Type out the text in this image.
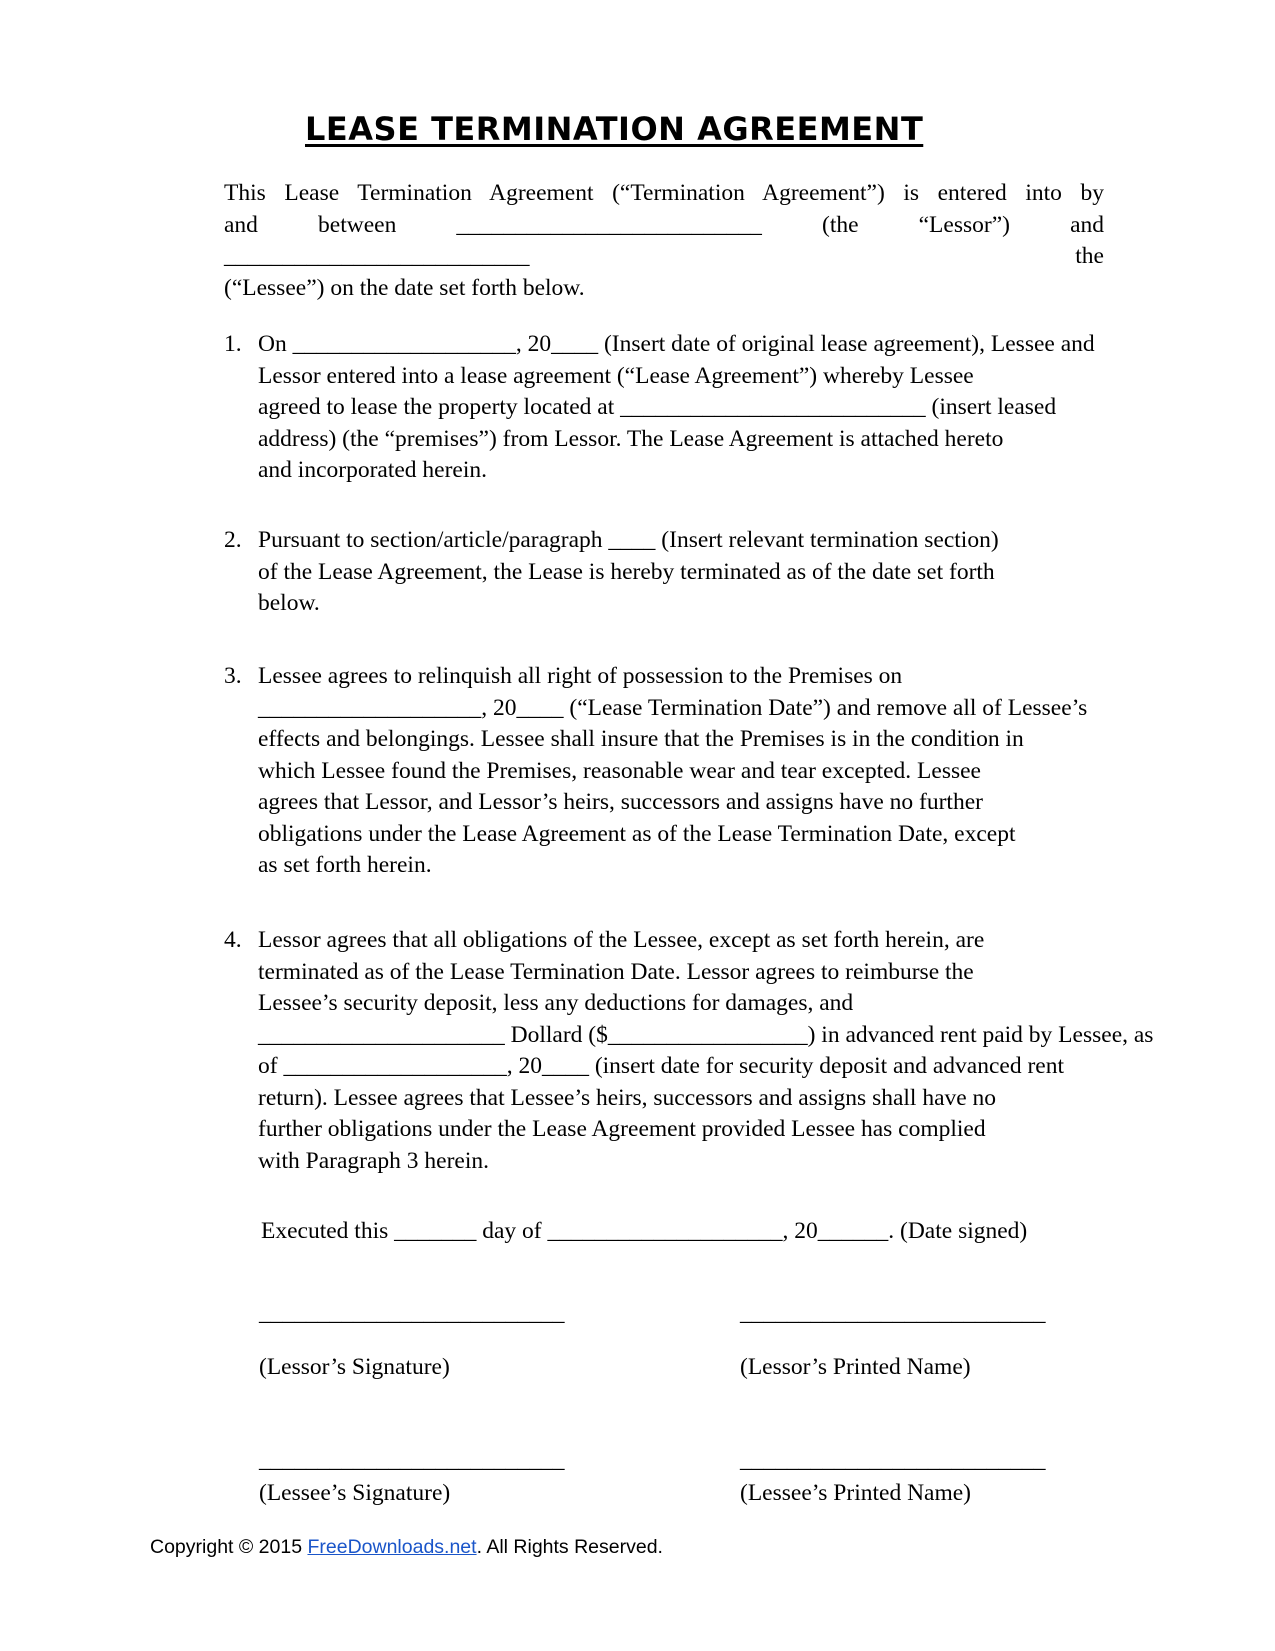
LEASE TERMINATION AGREEMENT

This Lease Termination Agreement (“Termination Agreement”) is entered into by

and between __________________________ (the “Lessor”) and __________________________ the

(“Lessee”) on the date set forth below.

1. On ___________________, 20____ (Insert date of original lease agreement), Lessee and
Lessor entered into a lease agreement (“Lease Agreement”) whereby Lessee
agreed to lease the property located at __________________________ (insert leased
address) (the “premises”) from Lessor. The Lease Agreement is attached hereto
and incorporated herein.
2. Pursuant to section/article/paragraph ____ (Insert relevant termination section)
of the Lease Agreement, the Lease is hereby terminated as of the date set forth
below.
3. Lessee agrees to relinquish all right of possession to the Premises on
___________________, 20____ (“Lease Termination Date”) and remove all of Lessee’s
effects and belongings. Lessee shall insure that the Premises is in the condition in
which Lessee found the Premises, reasonable wear and tear excepted. Lessee
agrees that Lessor, and Lessor’s heirs, successors and assigns have no further
obligations under the Lease Agreement as of the Lease Termination Date, except
as set forth herein.
4. Lessor agrees that all obligations of the Lessee, except as set forth herein, are
terminated as of the Lease Termination Date. Lessor agrees to reimburse the
Lessee’s security deposit, less any deductions for damages, and
_____________________ Dollard ($_________________) in advanced rent paid by Lessee, as
of ___________________, 20____ (insert date for security deposit and advanced rent
return). Lessee agrees that Lessee’s heirs, successors and assigns shall have no
further obligations under the Lease Agreement provided Lessee has complied
with Paragraph 3 herein.
Executed this _______ day of ____________________, 20______. (Date signed)
__________________________	__________________________
(Lessor’s Signature)	(Lessor’s Printed Name)
__________________________	__________________________
(Lessee’s Signature)	(Lessee’s Printed Name)
Copyright © 2015 FreeDownloads.net. All Rights Reserved.
